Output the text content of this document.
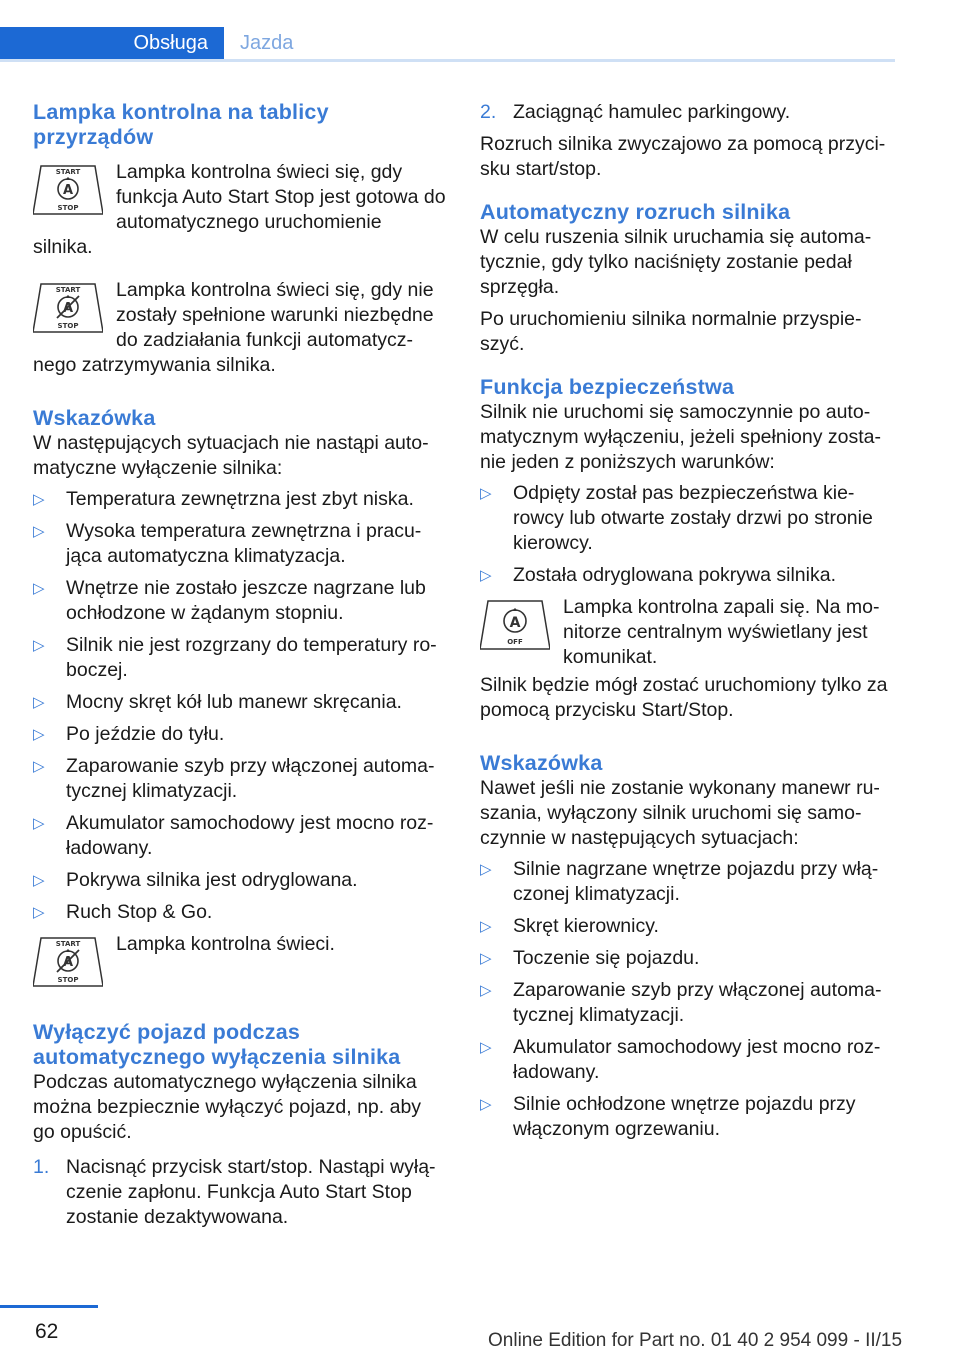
Obsługa Jazda
Lampka kontrolna na tablicy przyrządów
START
A
STOP

Lampka kontrolna świeci się, gdy funkcja Auto Start Stop jest gotowa do automatycznego uruchomienie

silnika.

START
A
STOP

Lampka kontrolna świeci się, gdy nie zostały spełnione warunki niezbędne do zadziałania funkcji automatycz-

nego zatrzymywania silnika.

Wskazówka

W następujących sytuacjach nie nastąpi auto-matyczne wyłączenie silnika:

▷ Temperatura zewnętrzna jest zbyt niska.
▷ Wysoka temperatura zewnętrzna i pracu-jąca automatyczna klimatyzacja.
▷ Wnętrze nie zostało jeszcze nagrzane lub ochłodzone w żądanym stopniu.
▷ Silnik nie jest rozgrzany do temperatury ro-boczej.
▷ Mocny skręt kół lub manewr skręcania.
▷ Po jeździe do tyłu.
▷ Zaparowanie szyb przy włączonej automa-tycznej klimatyzacji.
▷ Akumulator samochodowy jest mocno roz-ładowany.
▷ Pokrywa silnika jest odryglowana.
▷ Ruch Stop & Go.
START
A
STOP

Lampka kontrolna świeci.

Wyłączyć pojazd podczas automatycznego wyłączenia silnika

Podczas automatycznego wyłączenia silnika można bezpiecznie wyłączyć pojazd, np. aby go opuścić.

1. Nacisnąć przycisk start/stop. Nastąpi wyłą-czenie zapłonu. Funkcja Auto Start Stop zostanie dezaktywowana.
2. Zaciągnąć hamulec parkingowy.

Rozruch silnika zwyczajowo za pomocą przyci-sku start/stop.

Automatyczny rozruch silnika

W celu ruszenia silnik uruchamia się automa-tycznie, gdy tylko naciśnięty zostanie pedał sprzęgła.

Po uruchomieniu silnika normalnie przyspie-szyć.

Funkcja bezpieczeństwa

Silnik nie uruchomi się samoczynnie po auto-matycznym wyłączeniu, jeżeli spełniony zosta-nie jeden z poniższych warunków:

▷ Odpięty został pas bezpieczeństwa kie-rowcy lub otwarte zostały drzwi po stronie kierowcy.
▷ Została odryglowana pokrywa silnika.
A
OFF

Lampka kontrolna zapali się. Na mo-nitorze centralnym wyświetlany jest komunikat.

Silnik będzie mógł zostać uruchomiony tylko za pomocą przycisku Start/Stop.

Wskazówka

Nawet jeśli nie zostanie wykonany manewr ru-szania, wyłączony silnik uruchomi się samo-czynnie w następujących sytuacjach:

▷ Silnie nagrzane wnętrze pojazdu przy włą-czonej klimatyzacji.
▷ Skręt kierownicy.
▷ Toczenie się pojazdu.
▷ Zaparowanie szyb przy włączonej automa-tycznej klimatyzacji.
▷ Akumulator samochodowy jest mocno roz-ładowany.
▷ Silnie ochłodzone wnętrze pojazdu przy włączonym ogrzewaniu.
62	Online Edition for Part no. 01 40 2 954 099 - II/15
